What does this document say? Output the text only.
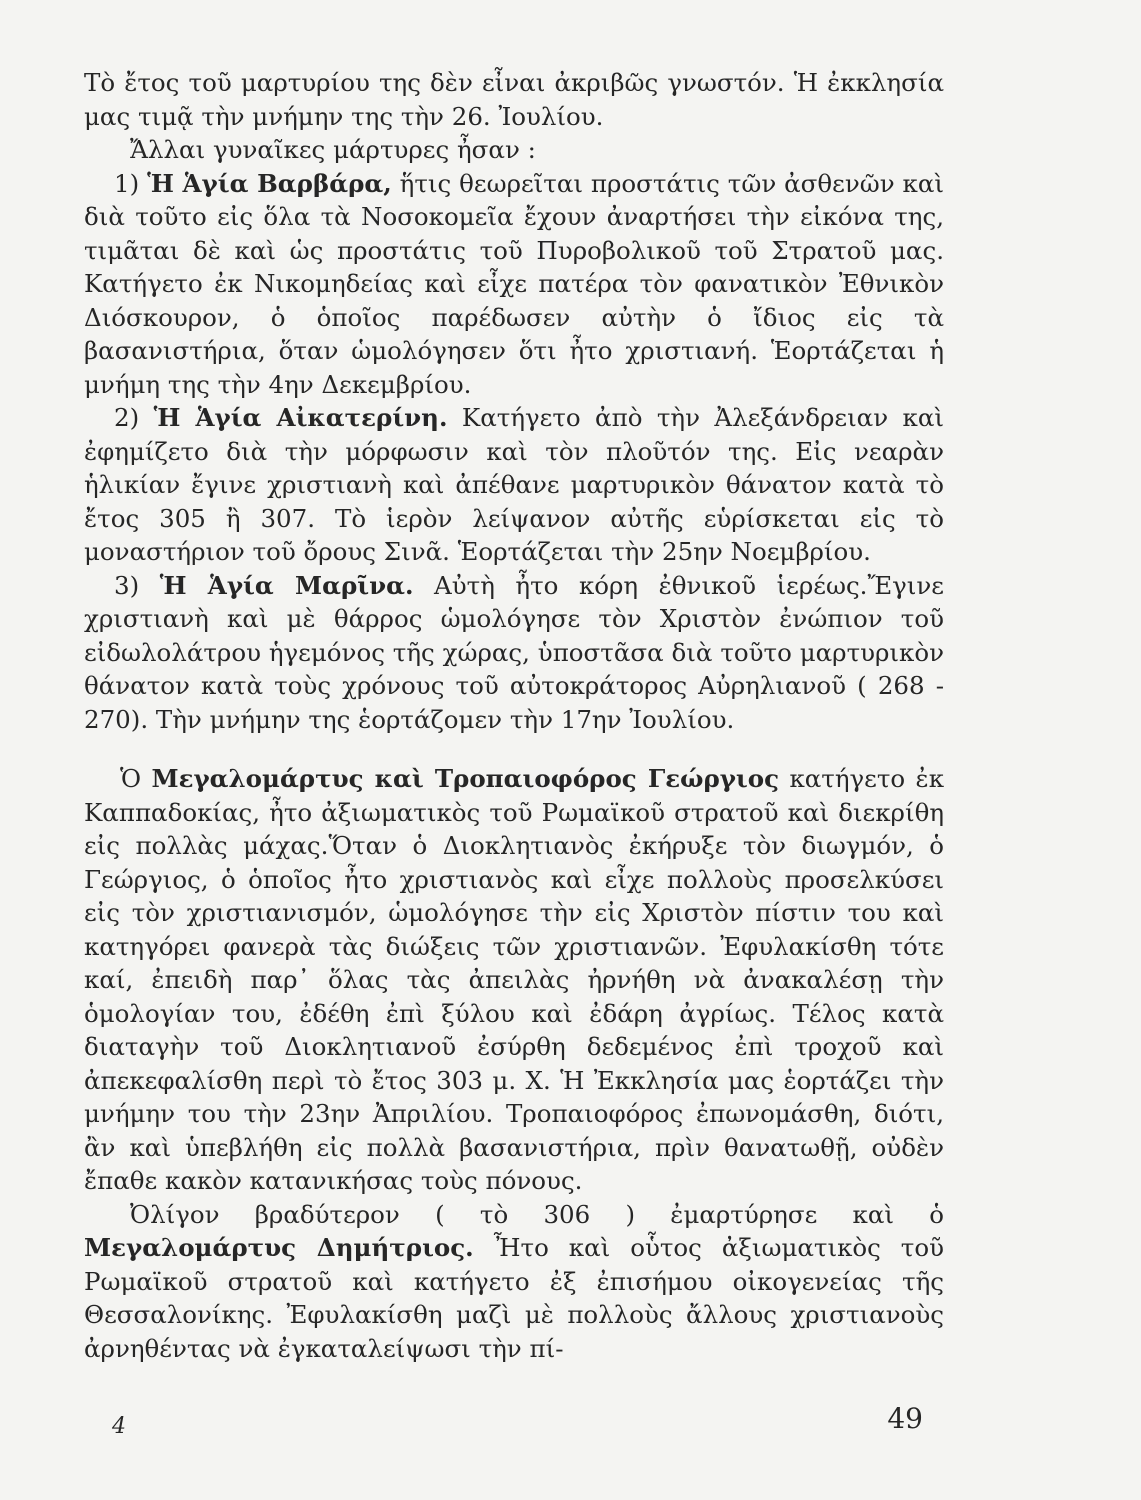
Τὸ ἔτος τοῦ μαρτυρίου της δὲν εἶναι ἀκριβῶς γνωστόν. Ἡ ἐκκλησία μας τιμᾷ τὴν μνήμην της τὴν 26. Ἰουλίου.

Ἄλλαι γυναῖκες μάρτυρες ἦσαν :

1) Ἡ Ἁγία Βαρβάρα, ἥτις θεωρεῖται προστάτις τῶν ἀσθενῶν καὶ διὰ τοῦτο εἰς ὅλα τὰ Νοσοκομεῖα ἔχουν ἀναρτήσει τὴν εἰκόνα της, τιμᾶται δὲ καὶ ὡς προστάτις τοῦ Πυροβολικοῦ τοῦ Στρατοῦ μας. Κατήγετο ἐκ Νικομηδείας καὶ εἶχε πατέρα τὸν φανατικὸν Ἐθνικὸν Διόσκουρον, ὁ ὁποῖος παρέδωσεν αὐτὴν ὁ ἴδιος εἰς τὰ βασανιστήρια, ὅταν ὡμολόγησεν ὅτι ἦτο χριστιανή. Ἑορτάζεται ἡ μνήμη της τὴν 4ην Δεκεμβρίου.

2) Ἡ Ἁγία Αἰκατερίνη. Κατήγετο ἀπὸ τὴν Ἀλεξάνδρειαν καὶ ἐφημίζετο διὰ τὴν μόρφωσιν καὶ τὸν πλοῦτόν της. Εἰς νεαρὰν ἡλικίαν ἔγινε χριστιανὴ καὶ ἀπέθανε μαρτυρικὸν θάνατον κατὰ τὸ ἔτος 305 ἢ 307. Τὸ ἱερὸν λείψανον αὐτῆς εὑρίσκεται εἰς τὸ μοναστήριον τοῦ ὄρους Σινᾶ. Ἑορτάζεται τὴν 25ην Νοεμβρίου.

3) Ἡ Ἁγία Μαρῖνα. Αὐτὴ ἦτο κόρη ἐθνικοῦ ἱερέως.Ἔγινε χριστιανὴ καὶ μὲ θάρρος ὡμολόγησε τὸν Χριστὸν ἐνώπιον τοῦ εἰδωλολάτρου ἡγεμόνος τῆς χώρας, ὑποστᾶσα διὰ τοῦτο μαρτυρικὸν θάνατον κατὰ τοὺς χρόνους τοῦ αὐτοκράτορος Αὐρηλιανοῦ ( 268 - 270). Τὴν μνήμην της ἑορτάζομεν τὴν 17ην Ἰουλίου.

Ὁ Μεγαλομάρτυς καὶ Τροπαιοφόρος Γεώργιος κατήγετο ἐκ Καππαδοκίας, ἦτο ἀξιωματικὸς τοῦ Ρωμαϊκοῦ στρατοῦ καὶ διεκρίθη εἰς πολλὰς μάχας.Ὅταν ὁ Διοκλητιανὸς ἐκήρυξε τὸν διωγμόν, ὁ Γεώργιος, ὁ ὁποῖος ἦτο χριστιανὸς καὶ εἶχε πολλοὺς προσελκύσει εἰς τὸν χριστιανισμόν, ὡμολόγησε τὴν εἰς Χριστὸν πίστιν του καὶ κατηγόρει φανερὰ τὰς διώξεις τῶν χριστιανῶν. Ἐφυλακίσθη τότε καί, ἐπειδὴ παρ᾽ ὅλας τὰς ἀπειλὰς ἠρνήθη νὰ ἀνακαλέσῃ τὴν ὁμολογίαν του, ἐδέθη ἐπὶ ξύλου καὶ ἐδάρη ἀγρίως. Τέλος κατὰ διαταγὴν τοῦ Διοκλητιανοῦ ἐσύρθη δεδεμένος ἐπὶ τροχοῦ καὶ ἀπεκεφαλίσθη περὶ τὸ ἔτος 303 μ. Χ. Ἡ Ἐκκλησία μας ἑορτάζει τὴν μνήμην του τὴν 23ην Ἀπριλίου. Τροπαιοφόρος ἐπωνομάσθη, διότι, ἂν καὶ ὑπεβλήθη εἰς πολλὰ βασανιστήρια, πρὶν θανατωθῇ, οὐδὲν ἔπαθε κακὸν κατανικήσας τοὺς πόνους.

Ὀλίγον βραδύτερον ( τὸ 306 ) ἐμαρτύρησε καὶ ὁ Μεγαλομάρτυς Δημήτριος. Ἦτο καὶ οὗτος ἀξιωματικὸς τοῦ Ρωμαϊκοῦ στρατοῦ καὶ κατήγετο ἐξ ἐπισήμου οἰκογενείας τῆς Θεσσαλονίκης. Ἐφυλακίσθη μαζὶ μὲ πολλοὺς ἄλλους χριστιανοὺς ἀρνηθέντας νὰ ἐγκαταλείψωσι τὴν πί-

4	49
